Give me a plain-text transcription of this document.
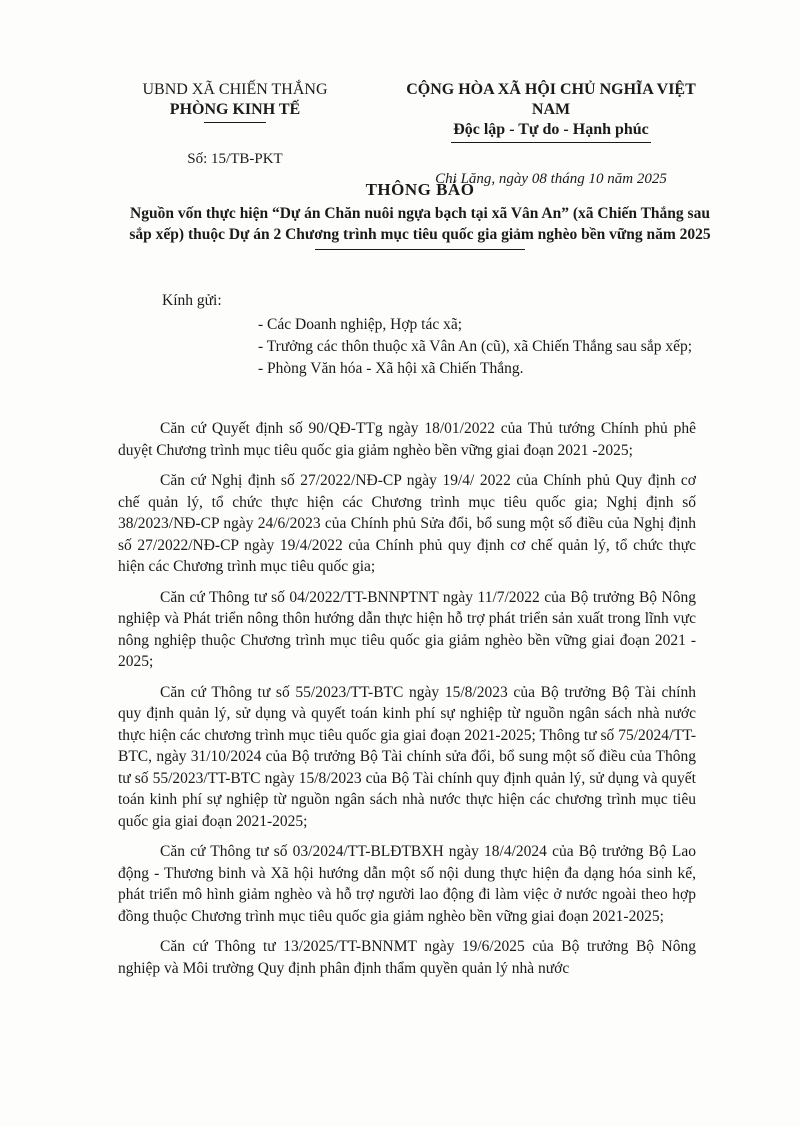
UBND XÃ CHIẾN THẮNG
PHÒNG KINH TẾ
Số: 15/TB-PKT
CỘNG HÒA XÃ HỘI CHỦ NGHĨA VIỆT NAM
Độc lập - Tự do - Hạnh phúc
Chi Lăng, ngày 08 tháng 10 năm 2025
THÔNG BÁO
Nguồn vốn thực hiện “Dự án Chăn nuôi ngựa bạch tại xã Vân An” (xã Chiến Thắng sau sắp xếp) thuộc Dự án 2 Chương trình mục tiêu quốc gia giảm nghèo bền vững năm 2025
Kính gửi:
- Các Doanh nghiệp, Hợp tác xã;
- Trưởng các thôn thuộc xã Vân An (cũ), xã Chiến Thắng sau sắp xếp;
- Phòng Văn hóa - Xã hội xã Chiến Thắng.

Căn cứ Quyết định số 90/QĐ-TTg ngày 18/01/2022 của Thủ tướng Chính phủ phê duyệt Chương trình mục tiêu quốc gia giảm nghèo bền vững giai đoạn 2021 -2025;

Căn cứ Nghị định số 27/2022/NĐ-CP ngày 19/4/ 2022 của Chính phủ Quy định cơ chế quản lý, tổ chức thực hiện các Chương trình mục tiêu quốc gia; Nghị định số 38/2023/NĐ-CP ngày 24/6/2023 của Chính phủ Sửa đổi, bổ sung một số điều của Nghị định số 27/2022/NĐ-CP ngày 19/4/2022 của Chính phủ quy định cơ chế quản lý, tổ chức thực hiện các Chương trình mục tiêu quốc gia;

Căn cứ Thông tư số 04/2022/TT-BNNPTNT ngày 11/7/2022 của Bộ trưởng Bộ Nông nghiệp và Phát triển nông thôn hướng dẫn thực hiện hỗ trợ phát triển sản xuất trong lĩnh vực nông nghiệp thuộc Chương trình mục tiêu quốc gia giảm nghèo bền vững giai đoạn 2021 - 2025;

Căn cứ Thông tư số 55/2023/TT-BTC ngày 15/8/2023 của Bộ trưởng Bộ Tài chính quy định quản lý, sử dụng và quyết toán kinh phí sự nghiệp từ nguồn ngân sách nhà nước thực hiện các chương trình mục tiêu quốc gia giai đoạn 2021-2025; Thông tư số 75/2024/TT-BTC, ngày 31/10/2024 của Bộ trưởng Bộ Tài chính sửa đổi, bổ sung một số điều của Thông tư số 55/2023/TT-BTC ngày 15/8/2023 của Bộ Tài chính quy định quản lý, sử dụng và quyết toán kinh phí sự nghiệp từ nguồn ngân sách nhà nước thực hiện các chương trình mục tiêu quốc gia giai đoạn 2021-2025;

Căn cứ Thông tư số 03/2024/TT-BLĐTBXH ngày 18/4/2024 của Bộ trưởng Bộ Lao động - Thương binh và Xã hội hướng dẫn một số nội dung thực hiện đa dạng hóa sinh kế, phát triển mô hình giảm nghèo và hỗ trợ người lao động đi làm việc ở nước ngoài theo hợp đồng thuộc Chương trình mục tiêu quốc gia giảm nghèo bền vững giai đoạn 2021-2025;

Căn cứ Thông tư 13/2025/TT-BNNMT ngày 19/6/2025 của Bộ trưởng Bộ Nông nghiệp và Môi trường Quy định phân định thẩm quyền quản lý nhà nước
